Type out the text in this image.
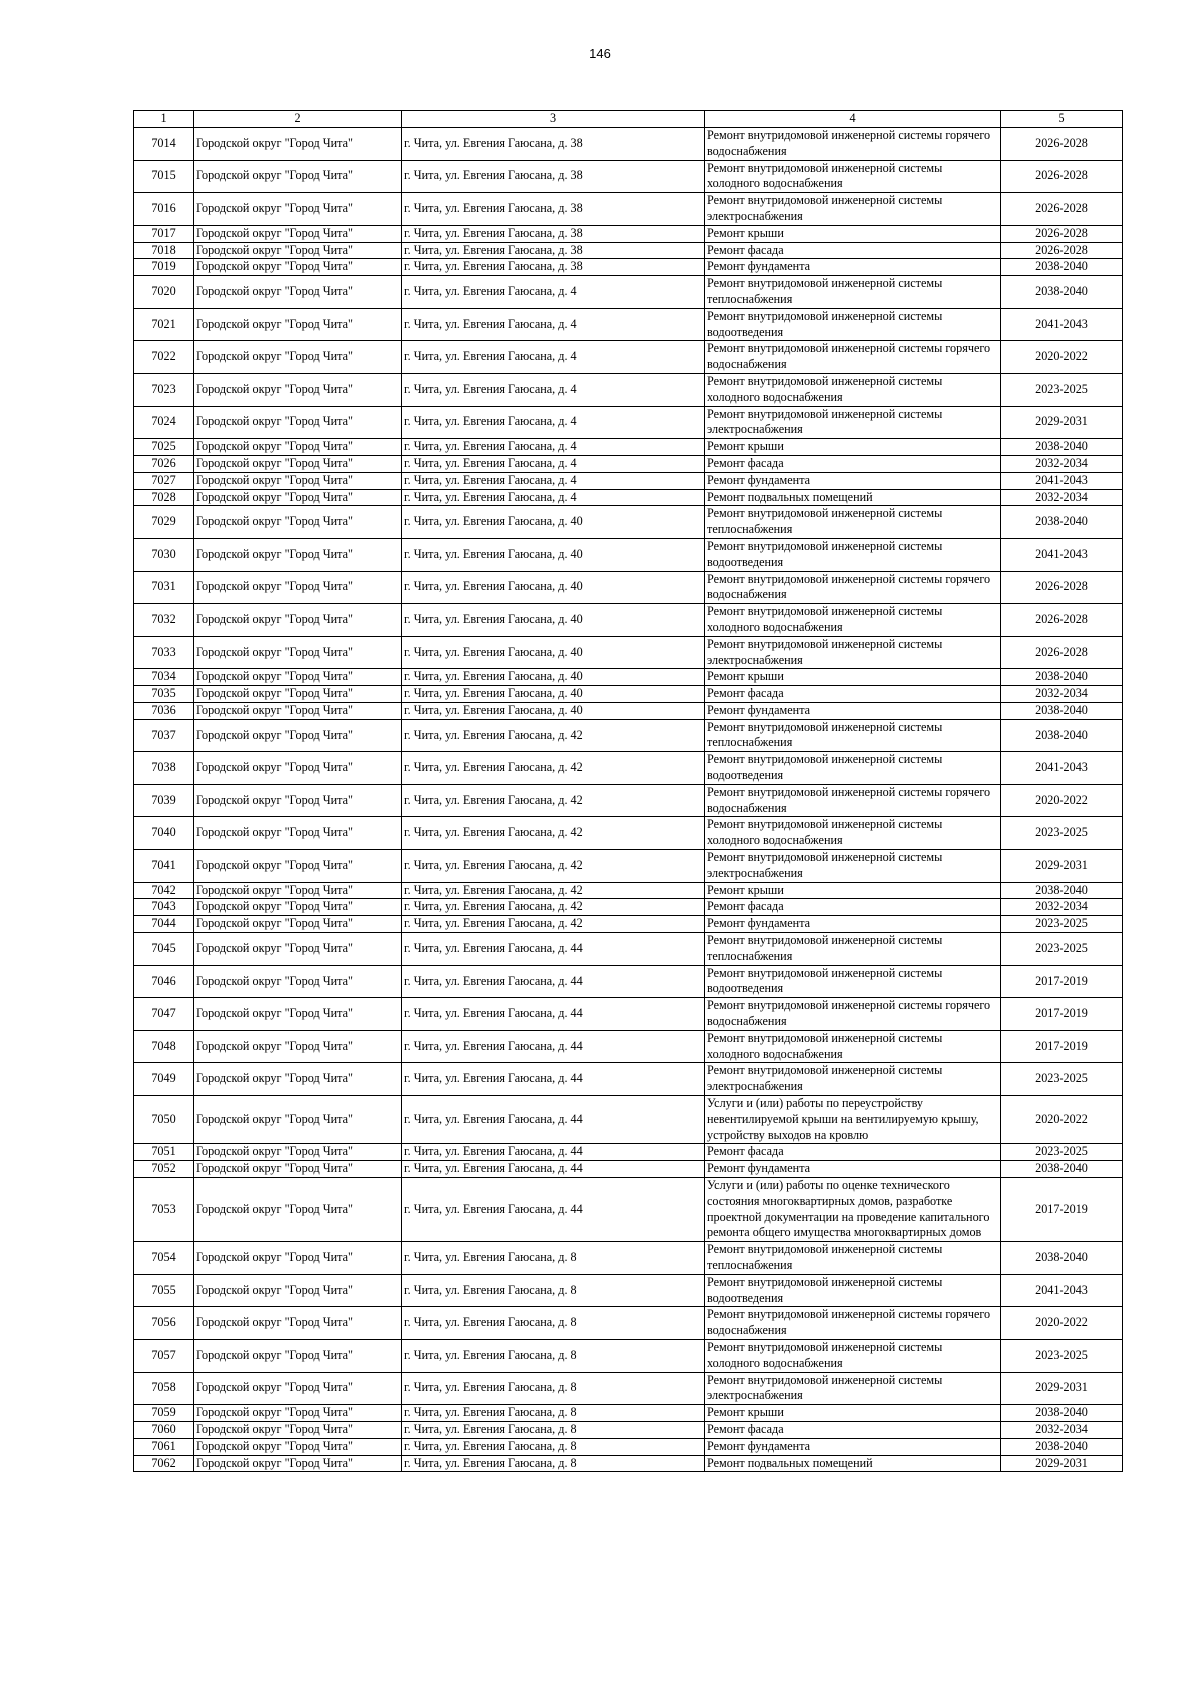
146
1	2	3	4	5
7014	Городской округ "Город Чита"	г. Чита, ул. Евгения Гаюсана, д. 38	Ремонт внутридомовой инженерной системы горячего водоснабжения	2026-2028
7015	Городской округ "Город Чита"	г. Чита, ул. Евгения Гаюсана, д. 38	Ремонт внутридомовой инженерной системы холодного водоснабжения	2026-2028
7016	Городской округ "Город Чита"	г. Чита, ул. Евгения Гаюсана, д. 38	Ремонт внутридомовой инженерной системы электроснабжения	2026-2028
7017	Городской округ "Город Чита"	г. Чита, ул. Евгения Гаюсана, д. 38	Ремонт крыши	2026-2028
7018	Городской округ "Город Чита"	г. Чита, ул. Евгения Гаюсана, д. 38	Ремонт фасада	2026-2028
7019	Городской округ "Город Чита"	г. Чита, ул. Евгения Гаюсана, д. 38	Ремонт фундамента	2038-2040
7020	Городской округ "Город Чита"	г. Чита, ул. Евгения Гаюсана, д. 4	Ремонт внутридомовой инженерной системы теплоснабжения	2038-2040
7021	Городской округ "Город Чита"	г. Чита, ул. Евгения Гаюсана, д. 4	Ремонт внутридомовой инженерной системы водоотведения	2041-2043
7022	Городской округ "Город Чита"	г. Чита, ул. Евгения Гаюсана, д. 4	Ремонт внутридомовой инженерной системы горячего водоснабжения	2020-2022
7023	Городской округ "Город Чита"	г. Чита, ул. Евгения Гаюсана, д. 4	Ремонт внутридомовой инженерной системы холодного водоснабжения	2023-2025
7024	Городской округ "Город Чита"	г. Чита, ул. Евгения Гаюсана, д. 4	Ремонт внутридомовой инженерной системы электроснабжения	2029-2031
7025	Городской округ "Город Чита"	г. Чита, ул. Евгения Гаюсана, д. 4	Ремонт крыши	2038-2040
7026	Городской округ "Город Чита"	г. Чита, ул. Евгения Гаюсана, д. 4	Ремонт фасада	2032-2034
7027	Городской округ "Город Чита"	г. Чита, ул. Евгения Гаюсана, д. 4	Ремонт фундамента	2041-2043
7028	Городской округ "Город Чита"	г. Чита, ул. Евгения Гаюсана, д. 4	Ремонт подвальных помещений	2032-2034
7029	Городской округ "Город Чита"	г. Чита, ул. Евгения Гаюсана, д. 40	Ремонт внутридомовой инженерной системы теплоснабжения	2038-2040
7030	Городской округ "Город Чита"	г. Чита, ул. Евгения Гаюсана, д. 40	Ремонт внутридомовой инженерной системы водоотведения	2041-2043
7031	Городской округ "Город Чита"	г. Чита, ул. Евгения Гаюсана, д. 40	Ремонт внутридомовой инженерной системы горячего водоснабжения	2026-2028
7032	Городской округ "Город Чита"	г. Чита, ул. Евгения Гаюсана, д. 40	Ремонт внутридомовой инженерной системы холодного водоснабжения	2026-2028
7033	Городской округ "Город Чита"	г. Чита, ул. Евгения Гаюсана, д. 40	Ремонт внутридомовой инженерной системы электроснабжения	2026-2028
7034	Городской округ "Город Чита"	г. Чита, ул. Евгения Гаюсана, д. 40	Ремонт крыши	2038-2040
7035	Городской округ "Город Чита"	г. Чита, ул. Евгения Гаюсана, д. 40	Ремонт фасада	2032-2034
7036	Городской округ "Город Чита"	г. Чита, ул. Евгения Гаюсана, д. 40	Ремонт фундамента	2038-2040
7037	Городской округ "Город Чита"	г. Чита, ул. Евгения Гаюсана, д. 42	Ремонт внутридомовой инженерной системы теплоснабжения	2038-2040
7038	Городской округ "Город Чита"	г. Чита, ул. Евгения Гаюсана, д. 42	Ремонт внутридомовой инженерной системы водоотведения	2041-2043
7039	Городской округ "Город Чита"	г. Чита, ул. Евгения Гаюсана, д. 42	Ремонт внутридомовой инженерной системы горячего водоснабжения	2020-2022
7040	Городской округ "Город Чита"	г. Чита, ул. Евгения Гаюсана, д. 42	Ремонт внутридомовой инженерной системы холодного водоснабжения	2023-2025
7041	Городской округ "Город Чита"	г. Чита, ул. Евгения Гаюсана, д. 42	Ремонт внутридомовой инженерной системы электроснабжения	2029-2031
7042	Городской округ "Город Чита"	г. Чита, ул. Евгения Гаюсана, д. 42	Ремонт крыши	2038-2040
7043	Городской округ "Город Чита"	г. Чита, ул. Евгения Гаюсана, д. 42	Ремонт фасада	2032-2034
7044	Городской округ "Город Чита"	г. Чита, ул. Евгения Гаюсана, д. 42	Ремонт фундамента	2023-2025
7045	Городской округ "Город Чита"	г. Чита, ул. Евгения Гаюсана, д. 44	Ремонт внутридомовой инженерной системы теплоснабжения	2023-2025
7046	Городской округ "Город Чита"	г. Чита, ул. Евгения Гаюсана, д. 44	Ремонт внутридомовой инженерной системы водоотведения	2017-2019
7047	Городской округ "Город Чита"	г. Чита, ул. Евгения Гаюсана, д. 44	Ремонт внутридомовой инженерной системы горячего водоснабжения	2017-2019
7048	Городской округ "Город Чита"	г. Чита, ул. Евгения Гаюсана, д. 44	Ремонт внутридомовой инженерной системы холодного водоснабжения	2017-2019
7049	Городской округ "Город Чита"	г. Чита, ул. Евгения Гаюсана, д. 44	Ремонт внутридомовой инженерной системы электроснабжения	2023-2025
7050	Городской округ "Город Чита"	г. Чита, ул. Евгения Гаюсана, д. 44	Услуги и (или) работы по переустройству невентилируемой крыши на вентилируемую крышу, устройству выходов на кровлю	2020-2022
7051	Городской округ "Город Чита"	г. Чита, ул. Евгения Гаюсана, д. 44	Ремонт фасада	2023-2025
7052	Городской округ "Город Чита"	г. Чита, ул. Евгения Гаюсана, д. 44	Ремонт фундамента	2038-2040
7053	Городской округ "Город Чита"	г. Чита, ул. Евгения Гаюсана, д. 44	Услуги и (или) работы по оценке технического состояния многоквартирных домов, разработке проектной документации на проведение капитального ремонта общего имущества многоквартирных домов	2017-2019
7054	Городской округ "Город Чита"	г. Чита, ул. Евгения Гаюсана, д. 8	Ремонт внутридомовой инженерной системы теплоснабжения	2038-2040
7055	Городской округ "Город Чита"	г. Чита, ул. Евгения Гаюсана, д. 8	Ремонт внутридомовой инженерной системы водоотведения	2041-2043
7056	Городской округ "Город Чита"	г. Чита, ул. Евгения Гаюсана, д. 8	Ремонт внутридомовой инженерной системы горячего водоснабжения	2020-2022
7057	Городской округ "Город Чита"	г. Чита, ул. Евгения Гаюсана, д. 8	Ремонт внутридомовой инженерной системы холодного водоснабжения	2023-2025
7058	Городской округ "Город Чита"	г. Чита, ул. Евгения Гаюсана, д. 8	Ремонт внутридомовой инженерной системы электроснабжения	2029-2031
7059	Городской округ "Город Чита"	г. Чита, ул. Евгения Гаюсана, д. 8	Ремонт крыши	2038-2040
7060	Городской округ "Город Чита"	г. Чита, ул. Евгения Гаюсана, д. 8	Ремонт фасада	2032-2034
7061	Городской округ "Город Чита"	г. Чита, ул. Евгения Гаюсана, д. 8	Ремонт фундамента	2038-2040
7062	Городской округ "Город Чита"	г. Чита, ул. Евгения Гаюсана, д. 8	Ремонт подвальных помещений	2029-2031
